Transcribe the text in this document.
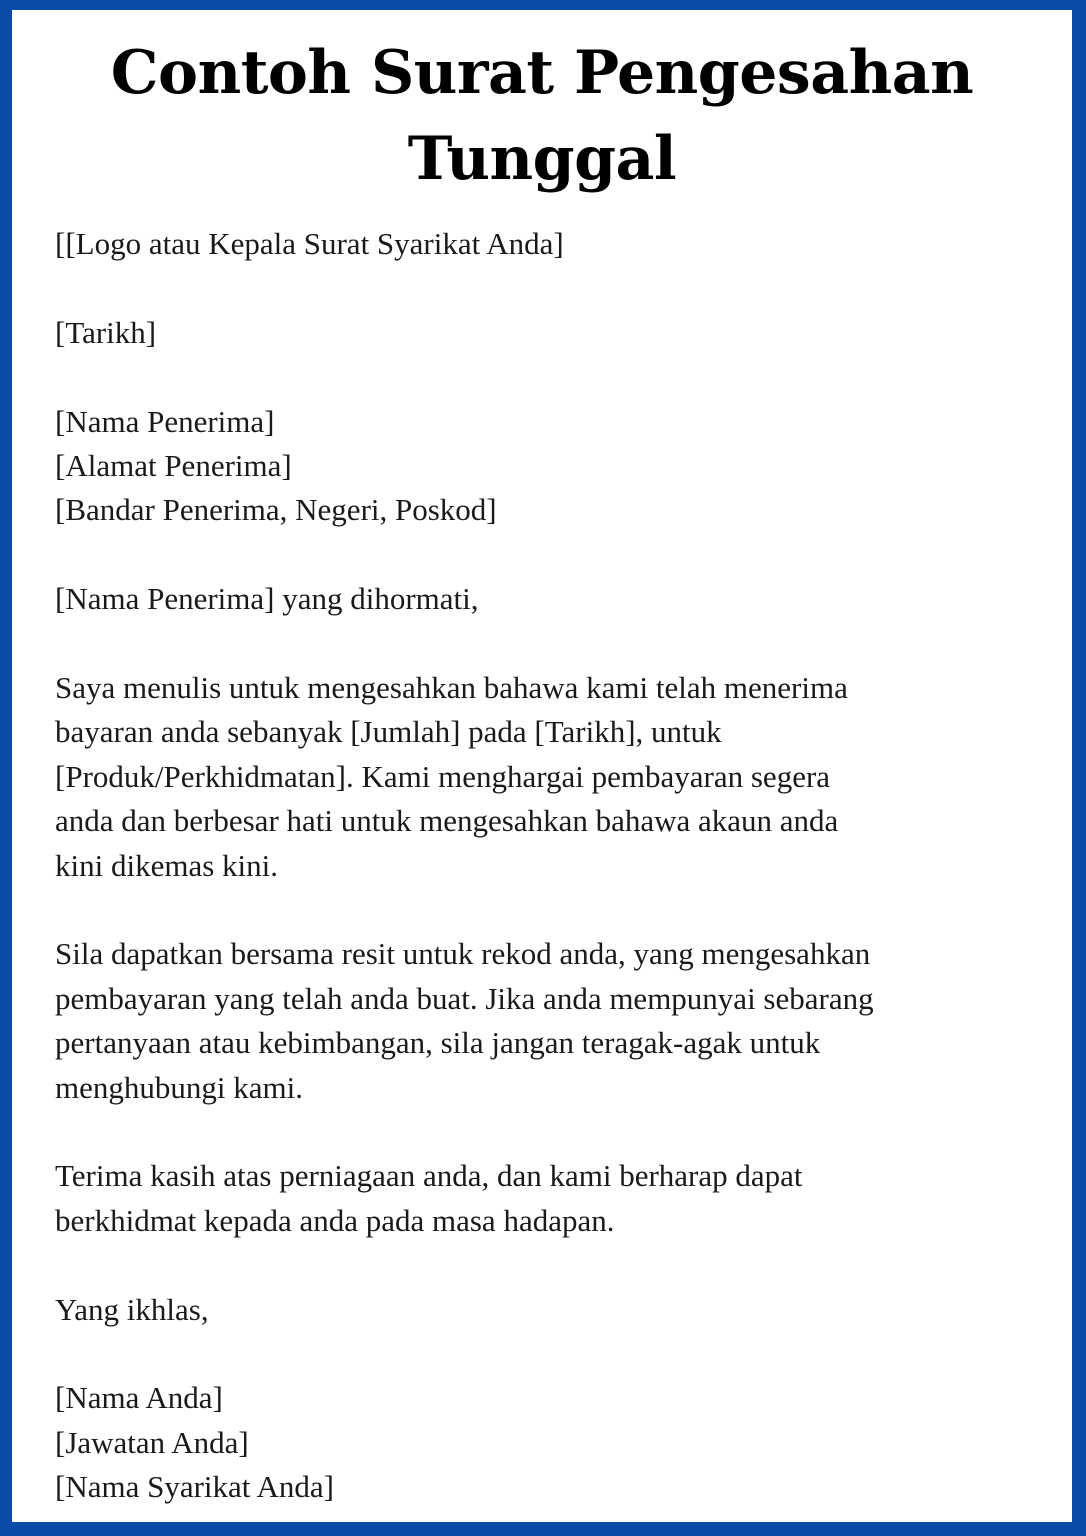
Contoh Surat Pengesahan
Tunggal
[[Logo atau Kepala Surat Syarikat Anda]
[Tarikh]
[Nama Penerima]
[Alamat Penerima]
[Bandar Penerima, Negeri, Poskod]
[Nama Penerima] yang dihormati,
Saya menulis untuk mengesahkan bahawa kami telah menerima
bayaran anda sebanyak [Jumlah] pada [Tarikh], untuk
[Produk/Perkhidmatan]. Kami menghargai pembayaran segera
anda dan berbesar hati untuk mengesahkan bahawa akaun anda
kini dikemas kini.
Sila dapatkan bersama resit untuk rekod anda, yang mengesahkan
pembayaran yang telah anda buat. Jika anda mempunyai sebarang
pertanyaan atau kebimbangan, sila jangan teragak-agak untuk
menghubungi kami.
Terima kasih atas perniagaan anda, dan kami berharap dapat
berkhidmat kepada anda pada masa hadapan.
Yang ikhlas,
[Nama Anda]
[Jawatan Anda]
[Nama Syarikat Anda]
